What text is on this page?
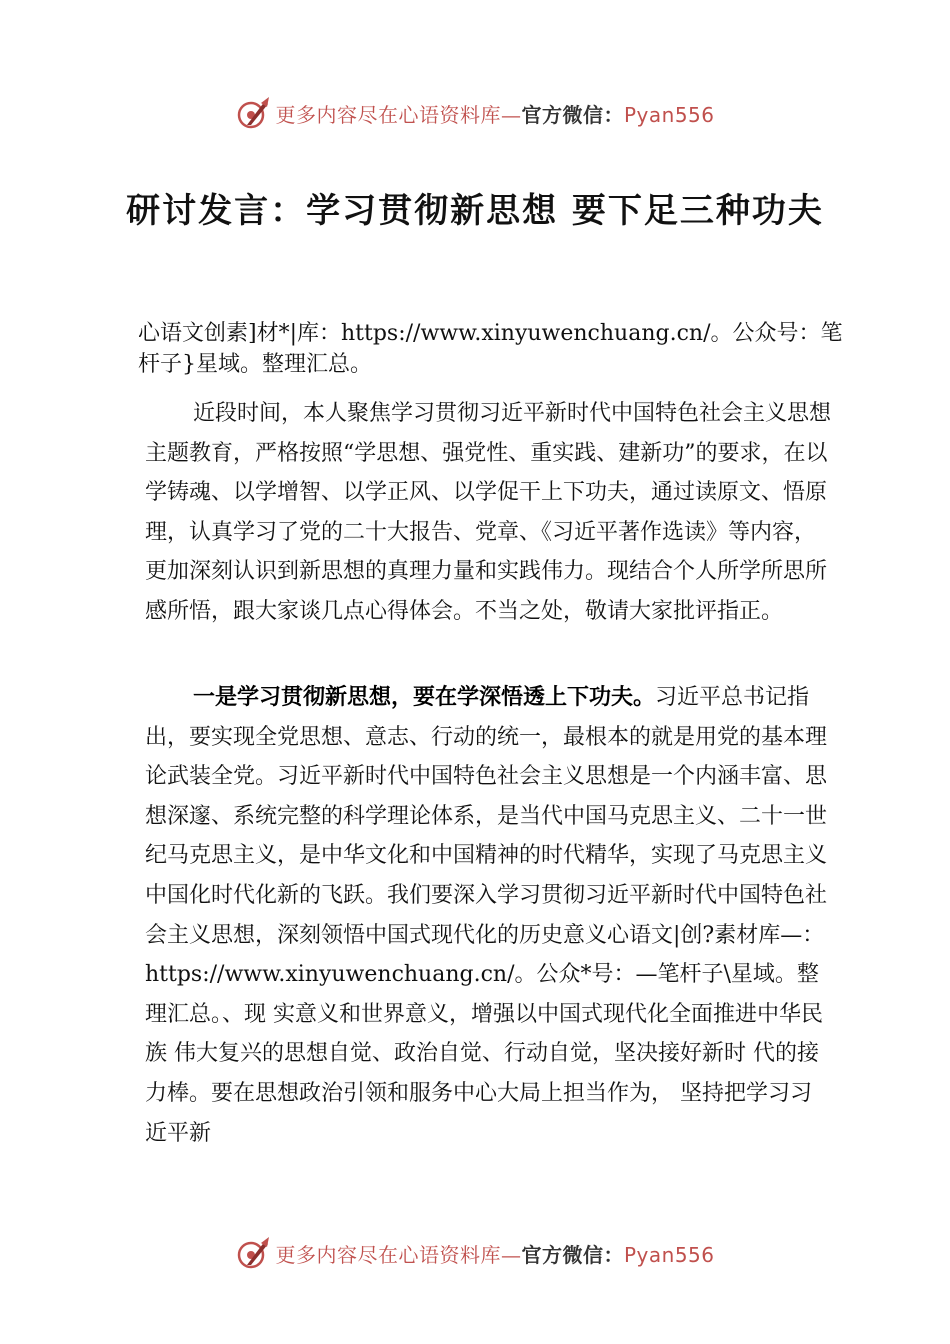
更多内容尽在心语资料库—官方微信：Pyan556
研讨发言：学习贯彻新思想 要下足三种功夫
心语文创素]材*|库：https://www.xinyuwenchuang.cn/。公众号：笔杆子}星域。整理汇总。

近段时间，本人聚焦学习贯彻习近平新时代中国特色社会主义思想主题教育，严格按照“学思想、强党性、重实践、建新功”的要求，在以学铸魂、以学增智、以学正风、以学促干上下功夫，通过读原文、悟原理，认真学习了党的二十大报告、党章、《习近平著作选读》等内容，更加深刻认识到新思想的真理力量和实践伟力。现结合个人所学所思所感所悟，跟大家谈几点心得体会。不当之处，敬请大家批评指正。

一是学习贯彻新思想，要在学深悟透上下功夫。习近平总书记指出，要实现全党思想、意志、行动的统一，最根本的就是用党的基本理论武装全党。习近平新时代中国特色社会主义思想是一个内涵丰富、思想深邃、系统完整的科学理论体系，是当代中国马克思主义、二十一世纪马克思主义，是中华文化和中国精神的时代精华，实现了马克思主义中国化时代化新的飞跃。我们要深入学习贯彻习近平新时代中国特色社会主义思想，深刻领悟中国式现代化的历史意义心语文|创?素材库—：https://www.xinyuwenchuang.cn/。公众*号：—笔杆子\星域。整理汇总。、现 实意义和世界意义，增强以中国式现代化全面推进中华民族 伟大复兴的思想自觉、政治自觉、行动自觉，坚决接好新时 代的接力棒。要在思想政治引领和服务中心大局上担当作为， 坚持把学习习近平新

更多内容尽在心语资料库—官方微信：Pyan556
